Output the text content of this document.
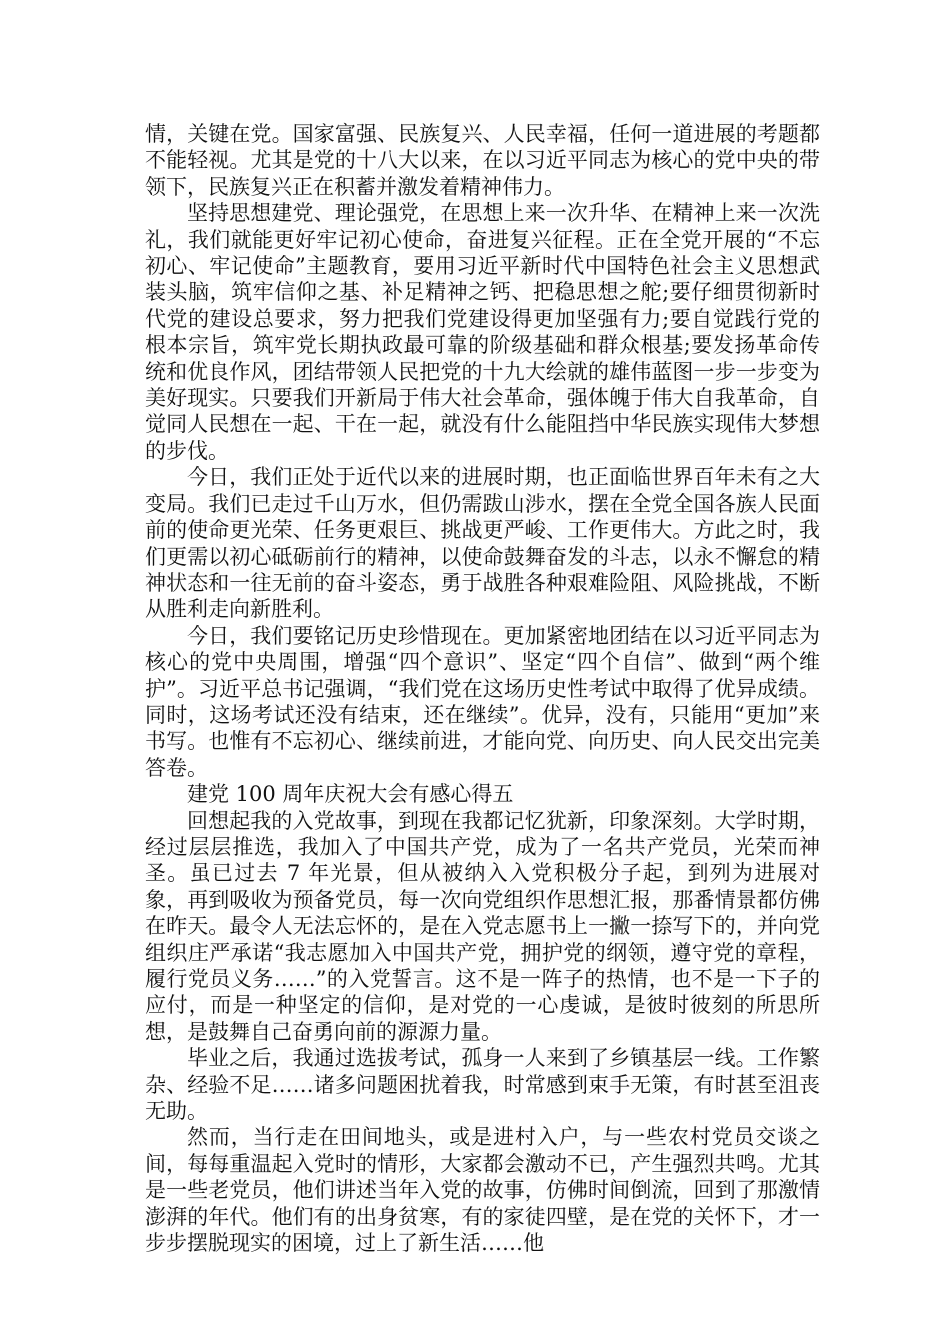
情，关键在党。国家富强、民族复兴、人民幸福，任何一道进展的考题都不能轻视。尤其是党的十八大以来，在以习近平同志为核心的党中央的带领下，民族复兴正在积蓄并激发着精神伟力。

坚持思想建党、理论强党，在思想上来一次升华、在精神上来一次洗礼，我们就能更好牢记初心使命，奋进复兴征程。正在全党开展的“不忘初心、牢记使命”主题教育，要用习近平新时代中国特色社会主义思想武装头脑，筑牢信仰之基、补足精神之钙、把稳思想之舵;要仔细贯彻新时代党的建设总要求，努力把我们党建设得更加坚强有力;要自觉践行党的根本宗旨，筑牢党长期执政最可靠的阶级基础和群众根基;要发扬革命传统和优良作风，团结带领人民把党的十九大绘就的雄伟蓝图一步一步变为美好现实。只要我们开新局于伟大社会革命，强体魄于伟大自我革命，自觉同人民想在一起、干在一起，就没有什么能阻挡中华民族实现伟大梦想的步伐。

今日，我们正处于近代以来的进展时期，也正面临世界百年未有之大变局。我们已走过千山万水，但仍需跋山涉水，摆在全党全国各族人民面前的使命更光荣、任务更艰巨、挑战更严峻、工作更伟大。方此之时，我们更需以初心砥砺前行的精神，以使命鼓舞奋发的斗志，以永不懈怠的精神状态和一往无前的奋斗姿态，勇于战胜各种艰难险阻、风险挑战，不断从胜利走向新胜利。

今日，我们要铭记历史珍惜现在。更加紧密地团结在以习近平同志为核心的党中央周围，增强“四个意识”、坚定“四个自信”、做到“两个维护”。习近平总书记强调，“我们党在这场历史性考试中取得了优异成绩。同时，这场考试还没有结束，还在继续”。优异，没有，只能用“更加”来书写。也惟有不忘初心、继续前进，才能向党、向历史、向人民交出完美答卷。

建党 100 周年庆祝大会有感心得五

回想起我的入党故事，到现在我都记忆犹新，印象深刻。大学时期，经过层层推选，我加入了中国共产党，成为了一名共产党员，光荣而神圣。虽已过去 7 年光景，但从被纳入入党积极分子起，到列为进展对象，再到吸收为预备党员，每一次向党组织作思想汇报，那番情景都仿佛在昨天。最令人无法忘怀的，是在入党志愿书上一撇一捺写下的，并向党组织庄严承诺“我志愿加入中国共产党，拥护党的纲领，遵守党的章程，履行党员义务……”的入党誓言。这不是一阵子的热情，也不是一下子的应付，而是一种坚定的信仰，是对党的一心虔诚，是彼时彼刻的所思所想，是鼓舞自己奋勇向前的源源力量。

毕业之后，我通过选拔考试，孤身一人来到了乡镇基层一线。工作繁杂、经验不足……诸多问题困扰着我，时常感到束手无策，有时甚至沮丧无助。

然而，当行走在田间地头，或是进村入户，与一些农村党员交谈之间，每每重温起入党时的情形，大家都会激动不已，产生强烈共鸣。尤其是一些老党员，他们讲述当年入党的故事，仿佛时间倒流，回到了那激情澎湃的年代。他们有的出身贫寒，有的家徒四壁，是在党的关怀下，才一步步摆脱现实的困境，过上了新生活……他
